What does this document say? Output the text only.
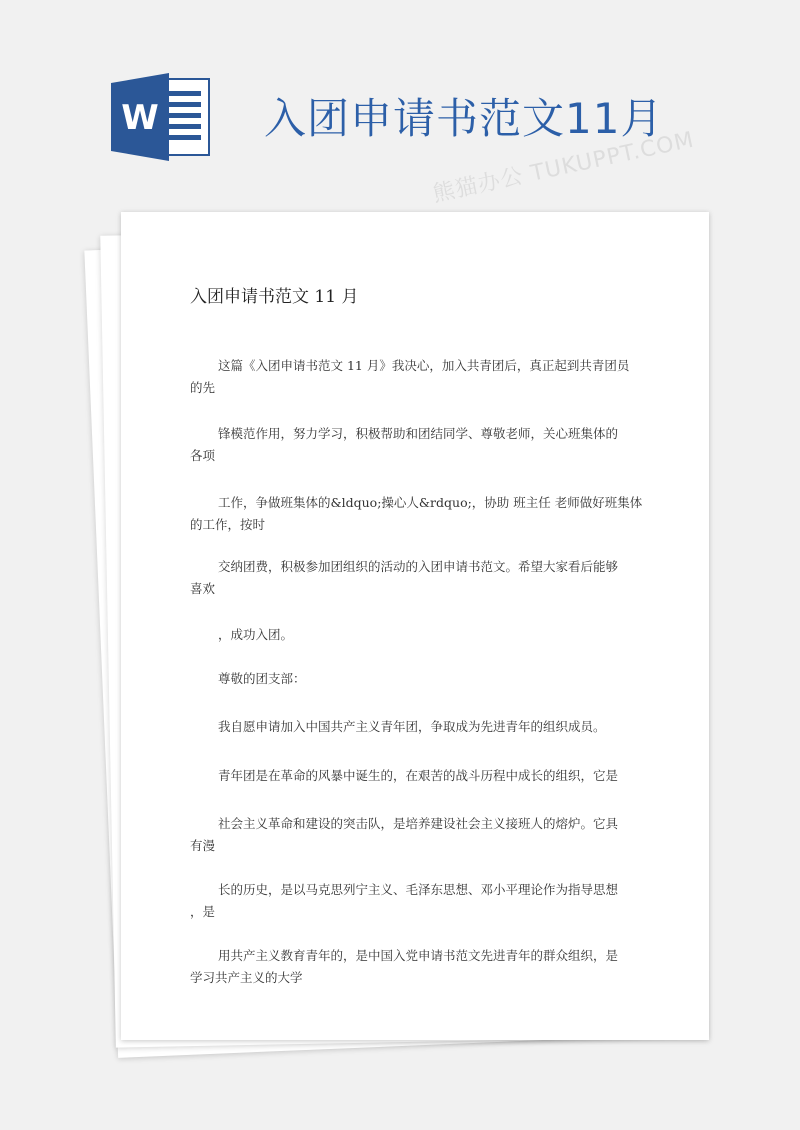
W	入团申请书范文11月
熊猫办公 TUKUPPT.COM
入团申请书范文 11 月
这篇《入团申请书范文 11 月》我决心，加入共青团后，真正起到共青团员
的先
锋模范作用，努力学习，积极帮助和团结同学、尊敬老师，关心班集体的
各项
工作，争做班集体的&ldquo;操心人&rdquo;，协助 班主任 老师做好班集体
的工作，按时
交纳团费，积极参加团组织的活动的入团申请书范文。希望大家看后能够
喜欢
，成功入团。
尊敬的团支部：
我自愿申请加入中国共产主义青年团，争取成为先进青年的组织成员。
青年团是在革命的风暴中诞生的，在艰苦的战斗历程中成长的组织，它是
社会主义革命和建设的突击队，是培养建设社会主义接班人的熔炉。它具
有漫
长的历史，是以马克思列宁主义、毛泽东思想、邓小平理论作为指导思想
，是
用共产主义教育青年的，是中国入党申请书范文先进青年的群众组织，是
学习共产主义的大学
